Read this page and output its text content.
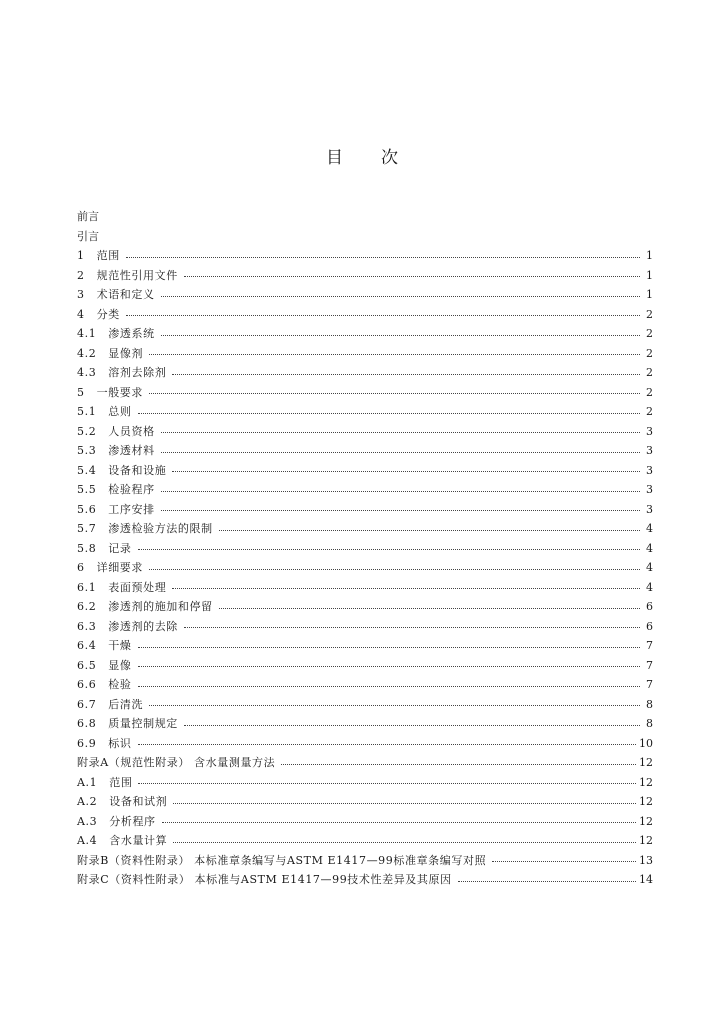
目 次
前言
引言
1 范围	1
2 规范性引用文件	1
3 术语和定义	1
4 分类	2
4.1 渗透系统	2
4.2 显像剂	2
4.3 溶剂去除剂	2
5 一般要求	2
5.1 总则	2
5.2 人员资格	3
5.3 渗透材料	3
5.4 设备和设施	3
5.5 检验程序	3
5.6 工序安排	3
5.7 渗透检验方法的限制	4
5.8 记录	4
6 详细要求	4
6.1 表面预处理	4
6.2 渗透剂的施加和停留	6
6.3 渗透剂的去除	6
6.4 干燥	7
6.5 显像	7
6.6 检验	7
6.7 后清洗	8
6.8 质量控制规定	8
6.9 标识	10
附录A（规范性附录） 含水量测量方法	12
A.1 范围	12
A.2 设备和试剂	12
A.3 分析程序	12
A.4 含水量计算	12
附录B（资料性附录） 本标准章条编写与ASTM E1417—99标准章条编写对照	13
附录C（资料性附录） 本标准与ASTM E1417—99技术性差异及其原因	14
